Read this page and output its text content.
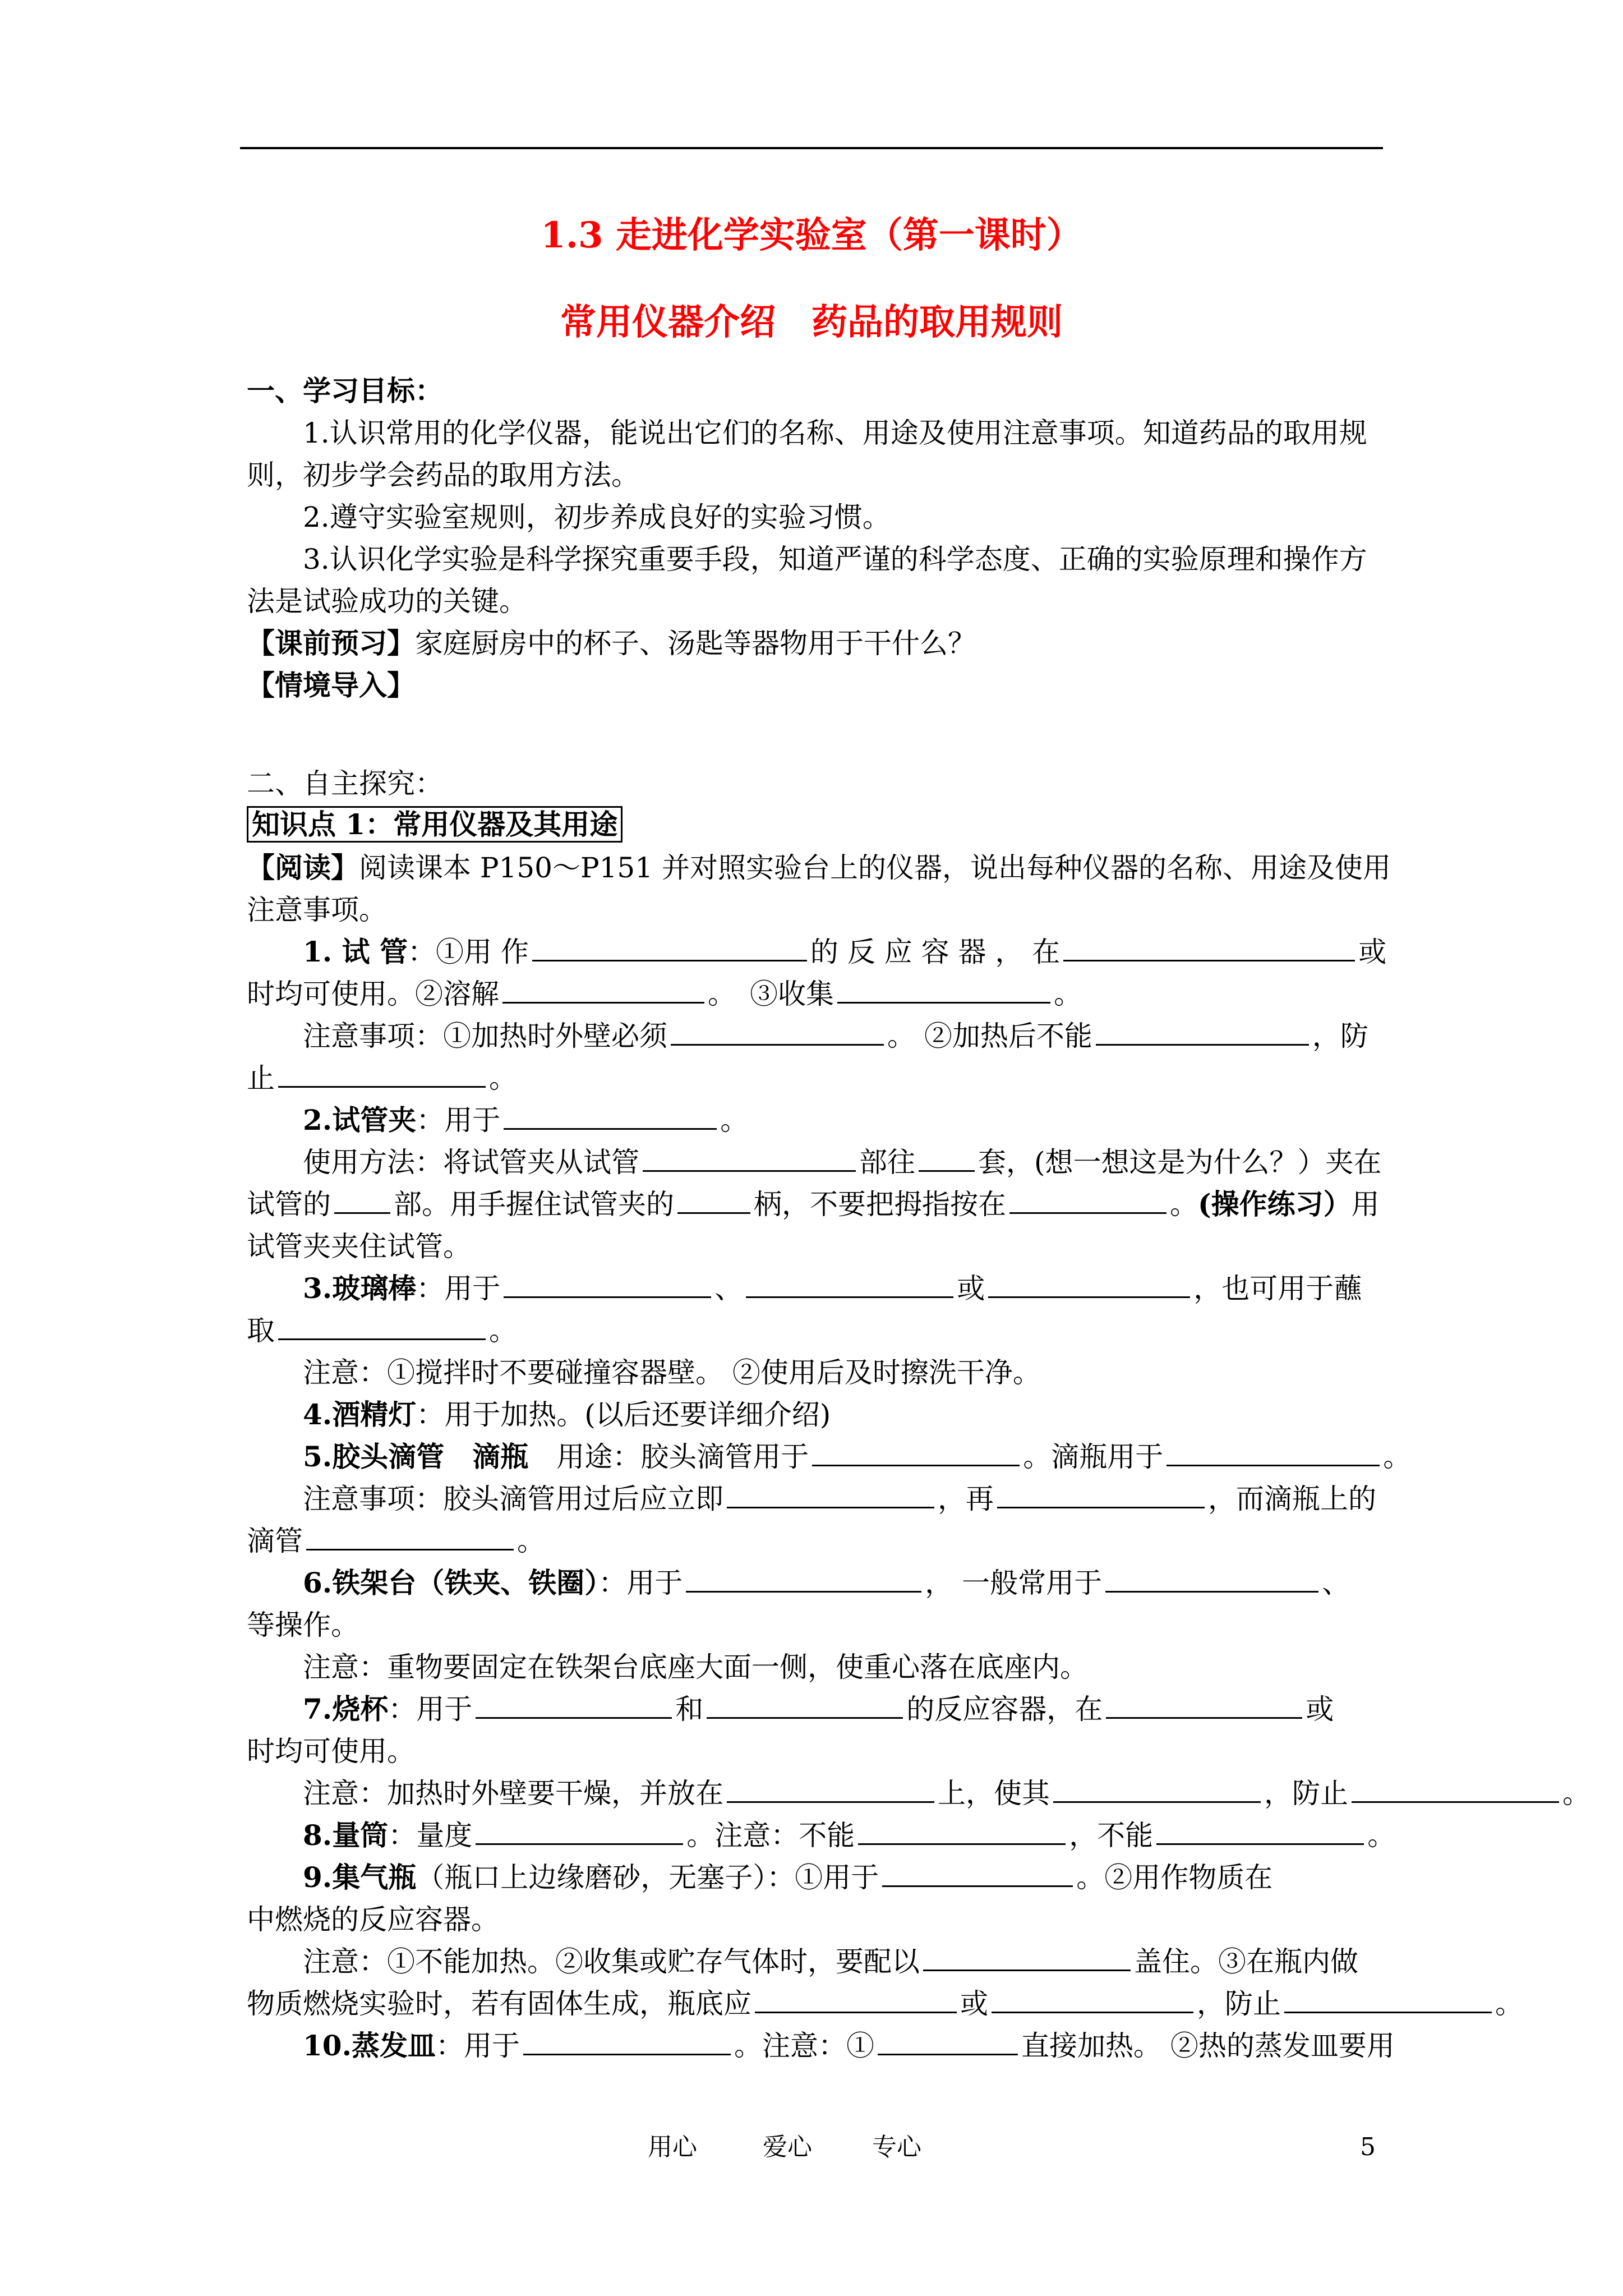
1.3 走进化学实验室（第一课时）
常用仪器介绍　药品的取用规则
一、学习目标：
1.认识常用的化学仪器，能说出它们的名称、用途及使用注意事项。知道药品的取用规
则，初步学会药品的取用方法。
2.遵守实验室规则，初步养成良好的实验习惯。
3.认识化学实验是科学探究重要手段，知道严谨的科学态度、正确的实验原理和操作方
法是试验成功的关键。
【课前预习】家庭厨房中的杯子、汤匙等器物用于干什么？
【情境导入】
二、自主探究：
知识点 1：常用仪器及其用途
【阅读】阅读课本 P150～P151 并对照实验台上的仪器，说出每种仪器的名称、用途及使用
注意事项。
1. 试 管：①用 作	的 反 应 容 器 ， 在	或
时均可使用。②溶解	。　③收集	。
注意事项：①加热时外壁必须	。 ②加热后不能	，防
止	。
2.试管夹：用于	。
使用方法：将试管夹从试管	部往 套，(想一想这是为什么？）夹在
试管的 部。用手握住试管夹的	柄，不要把拇指按在	。(操作练习）用
试管夹夹住试管。
3.玻璃棒：用于	、	或	，也可用于蘸
取	。
注意：①搅拌时不要碰撞容器壁。 ②使用后及时擦洗干净。
4.酒精灯：用于加热。(以后还要详细介绍)
5.胶头滴管　滴瓶　用途：胶头滴管用于	。滴瓶用于	。
注意事项：胶头滴管用过后应立即	，再	，而滴瓶上的
滴管	。
6.铁架台（铁夹、铁圈）：用于	， 一般常用于	、
等操作。
注意：重物要固定在铁架台底座大面一侧，使重心落在底座内。
7.烧杯：用于	和	的反应容器，在	或
时均可使用。
注意：加热时外壁要干燥，并放在	上，使其	，防止	。
8.量筒：量度	。注意：不能	，不能	。
9.集气瓶（瓶口上边缘磨砂，无塞子）：①用于	。②用作物质在
中燃烧的反应容器。
注意：①不能加热。②收集或贮存气体时，要配以	盖住。③在瓶内做
物质燃烧实验时，若有固体生成，瓶底应	或	，防止	。
10.蒸发皿：用于	。注意：①	直接加热。 ②热的蒸发皿要用
用心	爱心 专心	5
